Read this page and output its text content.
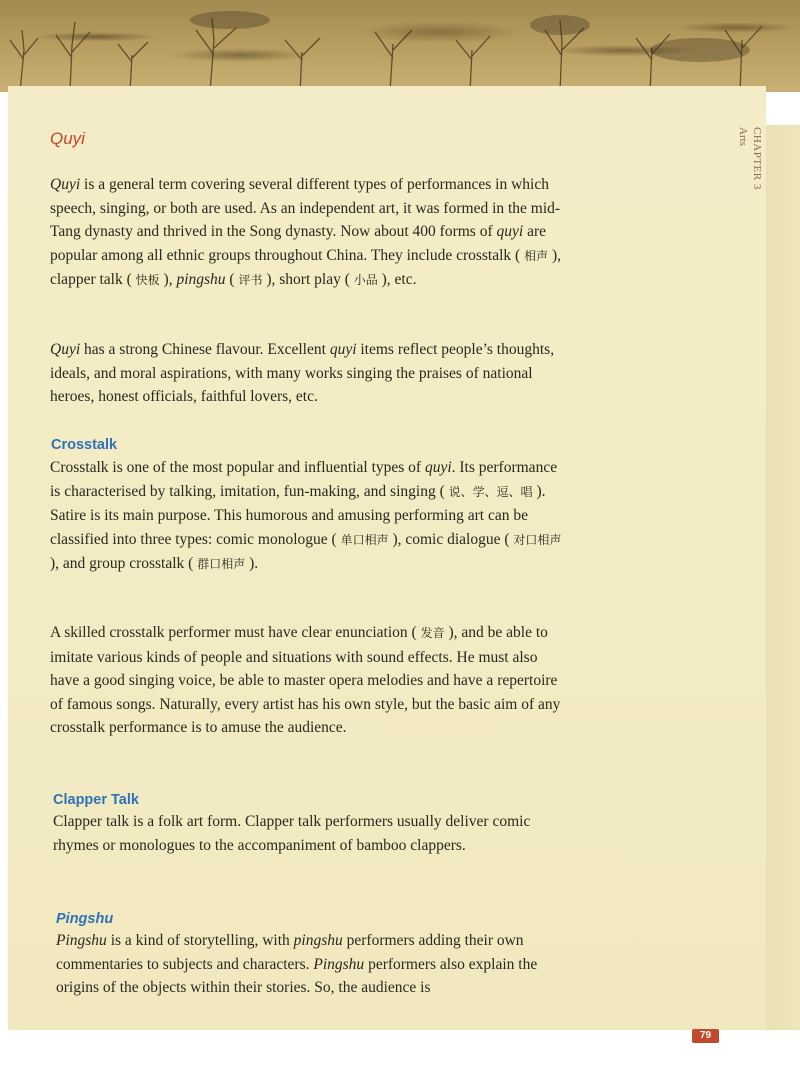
CHAPTER 3
Arts
Quyi

Quyi is a general term covering several different types of performances in which speech, singing, or both are used. As an independent art, it was formed in the mid-Tang dynasty and thrived in the Song dynasty. Now about 400 forms of quyi are popular among all ethnic groups throughout China. They include crosstalk ( 相声 ), clapper talk ( 快板 ), pingshu ( 评书 ), short play ( 小品 ), etc.

Quyi has a strong Chinese flavour. Excellent quyi items reflect people’s thoughts, ideals, and moral aspirations, with many works singing the praises of national heroes, honest officials, faithful lovers, etc.

Crosstalk

Crosstalk is one of the most popular and influential types of quyi. Its performance is characterised by talking, imitation, fun-making, and singing ( 说、学、逗、唱 ). Satire is its main purpose. This humorous and amusing performing art can be classified into three types: comic monologue ( 单口相声 ), comic dialogue ( 对口相声 ), and group crosstalk ( 群口相声 ).

A skilled crosstalk performer must have clear enunciation ( 发音 ), and be able to imitate various kinds of people and situations with sound effects. He must also have a good singing voice, be able to master opera melodies and have a repertoire of famous songs. Naturally, every artist has his own style, but the basic aim of any crosstalk performance is to amuse the audience.

Clapper Talk
Clapper talk is a folk art form. Clapper talk performers usually deliver comic rhymes or monologues to the accompaniment of bamboo clappers.
Pingshu

Pingshu is a kind of storytelling, with pingshu performers adding their own commentaries to subjects and characters. Pingshu performers also explain the origins of the objects within their stories. So, the audience is

79
